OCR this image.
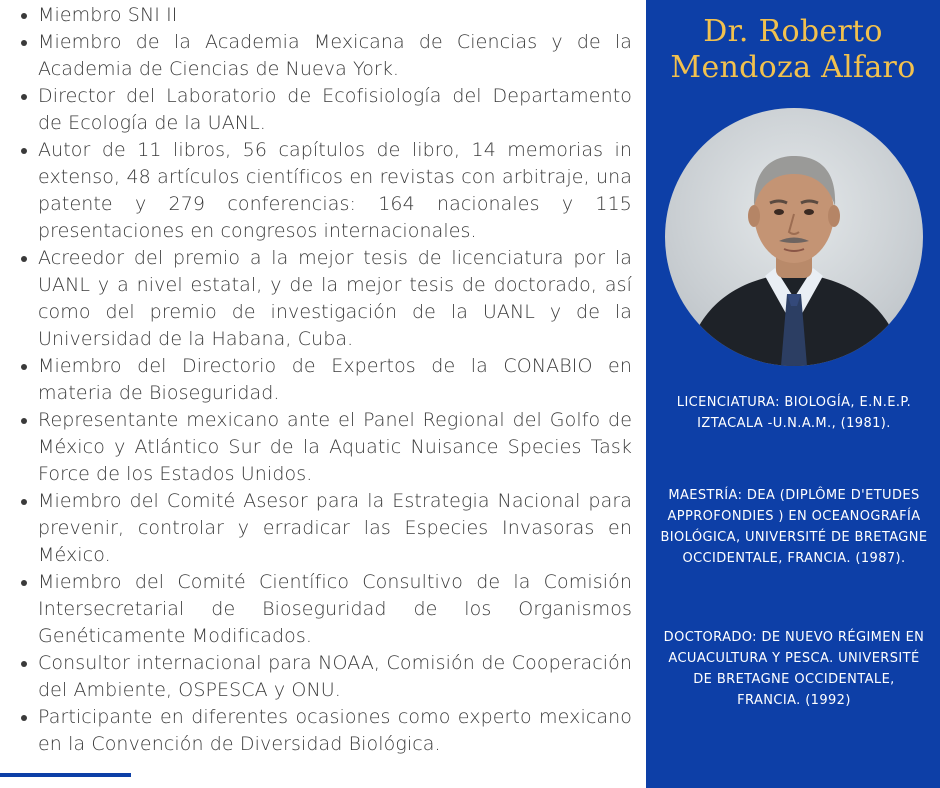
Miembro SNI II
Miembro de la Academia Mexicana de Ciencias y de la Academia de Ciencias de Nueva York.
Director del Laboratorio de Ecofisiología del Departamento de Ecología de la UANL.
Autor de 11 libros, 56 capítulos de libro, 14 memorias in extenso, 48 artículos científicos en revistas con arbitraje, una patente y 279 conferencias: 164 nacionales y 115 presentaciones en congresos internacionales.
Acreedor del premio a la mejor tesis de licenciatura por la UANL y a nivel estatal, y de la mejor tesis de doctorado, así como del premio de investigación de la UANL y de la Universidad de la Habana, Cuba.
Miembro del Directorio de Expertos de la CONABIO en materia de Bioseguridad.
Representante mexicano ante el Panel Regional del Golfo de México y Atlántico Sur de la Aquatic Nuisance Species Task Force de los Estados Unidos.
Miembro del Comité Asesor para la Estrategia Nacional para prevenir, controlar y erradicar las Especies Invasoras en México.
Miembro del Comité Científico Consultivo de la Comisión Intersecretarial de Bioseguridad de los Organismos Genéticamente Modificados.
Consultor internacional para NOAA, Comisión de Cooperación del Ambiente, OSPESCA y ONU.
Participante en diferentes ocasiones como experto mexicano en la Convención de Diversidad Biológica.
Dr. Roberto
Mendoza Alfaro
LICENCIATURA: BIOLOGÍA, E.N.E.P. IZTACALA -U.N.A.M., (1981).
MAESTRÍA: DEA (DIPLÔME D'ETUDES APPROFONDIES ) EN OCEANOGRAFÍA BIOLÓGICA, UNIVERSITÉ DE BRETAGNE OCCIDENTALE, FRANCIA. (1987).
DOCTORADO: DE NUEVO RÉGIMEN EN ACUACULTURA Y PESCA. UNIVERSITÉ DE BRETAGNE OCCIDENTALE, FRANCIA. (1992)
